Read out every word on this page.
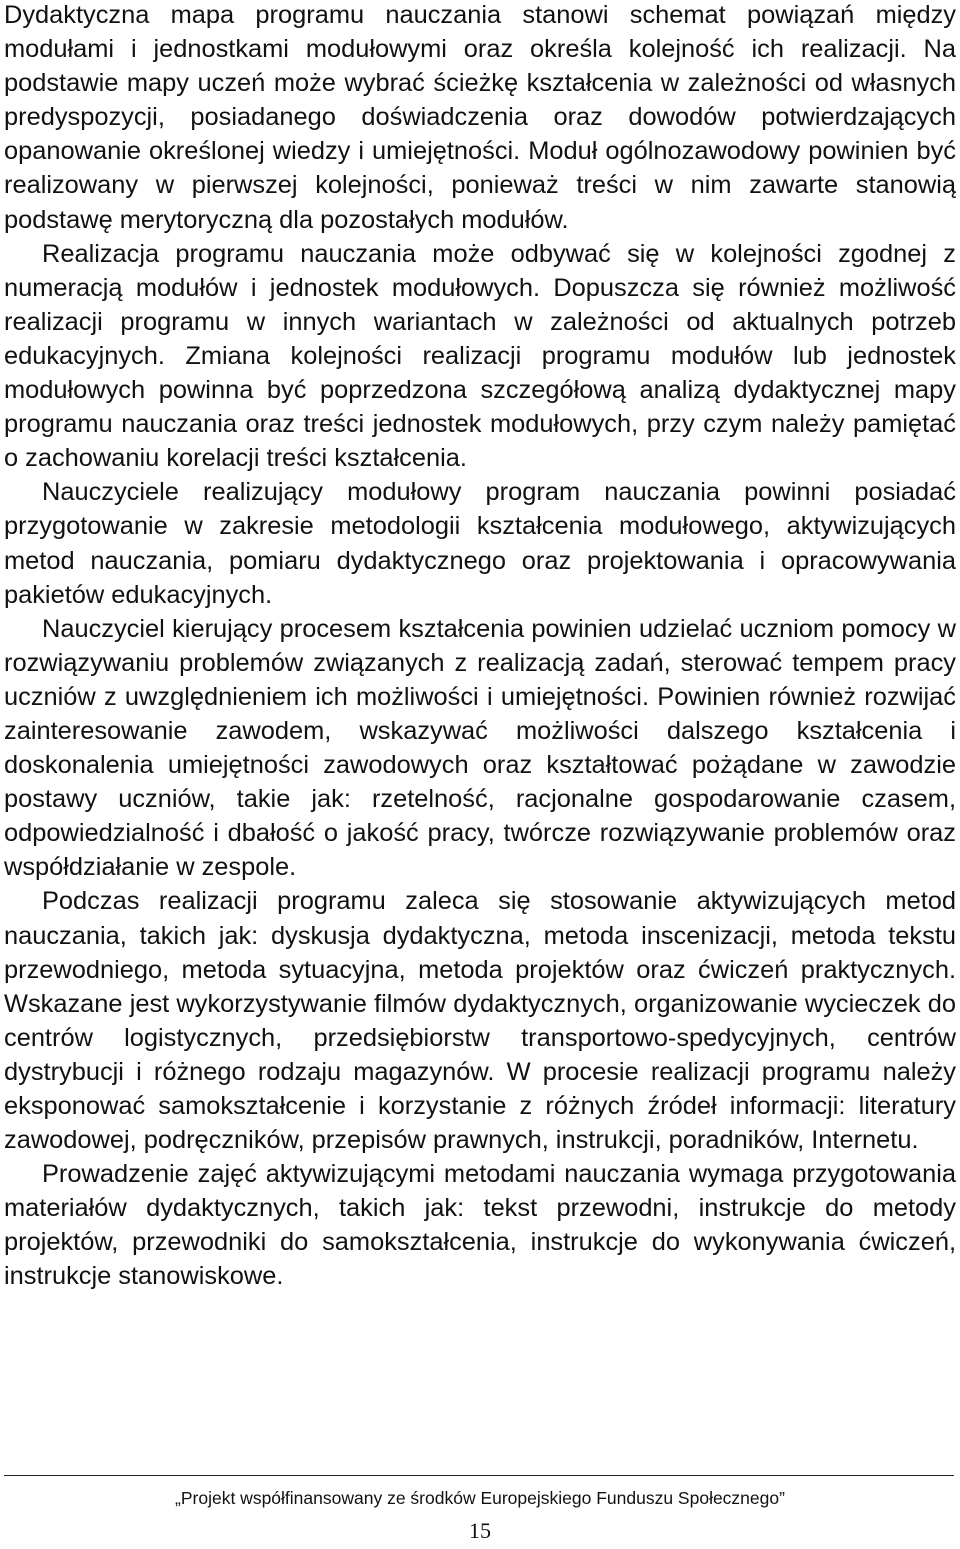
Dydaktyczna mapa programu nauczania stanowi schemat powiązań między modułami i jednostkami modułowymi oraz określa kolejność ich realizacji. Na podstawie mapy uczeń może wybrać ścieżkę kształcenia w zależności od własnych predyspozycji, posiadanego doświadczenia oraz dowodów potwierdzających opanowanie określonej wiedzy i umiejętności. Moduł ogólnozawodowy powinien być realizowany w pierwszej kolejności, ponieważ treści w nim zawarte stanowią podstawę merytoryczną dla pozostałych modułów.

Realizacja programu nauczania może odbywać się w kolejności zgodnej z numeracją modułów i jednostek modułowych. Dopuszcza się również możliwość realizacji programu w innych wariantach w zależności od aktualnych potrzeb edukacyjnych. Zmiana kolejności realizacji programu modułów lub jednostek modułowych powinna być poprzedzona szczegółową analizą dydaktycznej mapy programu nauczania oraz treści jednostek modułowych, przy czym należy pamiętać o zachowaniu korelacji treści kształcenia.

Nauczyciele realizujący modułowy program nauczania powinni posiadać przygotowanie w zakresie metodologii kształcenia modułowego, aktywizujących metod nauczania, pomiaru dydaktycznego oraz projektowania i opracowywania pakietów edukacyjnych.

Nauczyciel kierujący procesem kształcenia powinien udzielać uczniom pomocy w rozwiązywaniu problemów związanych z realizacją zadań, sterować tempem pracy uczniów z uwzględnieniem ich możliwości i umiejętności. Powinien również rozwijać zainteresowanie zawodem, wskazywać możliwości dalszego kształcenia i doskonalenia umiejętności zawodowych oraz kształtować pożądane w zawodzie postawy uczniów, takie jak: rzetelność, racjonalne gospodarowanie czasem, odpowiedzialność i dbałość o jakość pracy, twórcze rozwiązywanie problemów oraz współdziałanie w zespole.

Podczas realizacji programu zaleca się stosowanie aktywizujących metod nauczania, takich jak: dyskusja dydaktyczna, metoda inscenizacji, metoda tekstu przewodniego, metoda sytuacyjna, metoda projektów oraz ćwiczeń praktycznych. Wskazane jest wykorzystywanie filmów dydaktycznych, organizowanie wycieczek do centrów logistycznych, przedsiębiorstw transportowo-spedycyjnych, centrów dystrybucji i różnego rodzaju magazynów. W procesie realizacji programu należy eksponować samokształcenie i korzystanie z różnych źródeł informacji: literatury zawodowej, podręczników, przepisów prawnych, instrukcji, poradników, Internetu.

Prowadzenie zajęć aktywizującymi metodami nauczania wymaga przygotowania materiałów dydaktycznych, takich jak: tekst przewodni, instrukcje do metody projektów, przewodniki do samokształcenia, instrukcje do wykonywania ćwiczeń, instrukcje stanowiskowe.

„Projekt współfinansowany ze środków Europejskiego Funduszu Społecznego”
15
